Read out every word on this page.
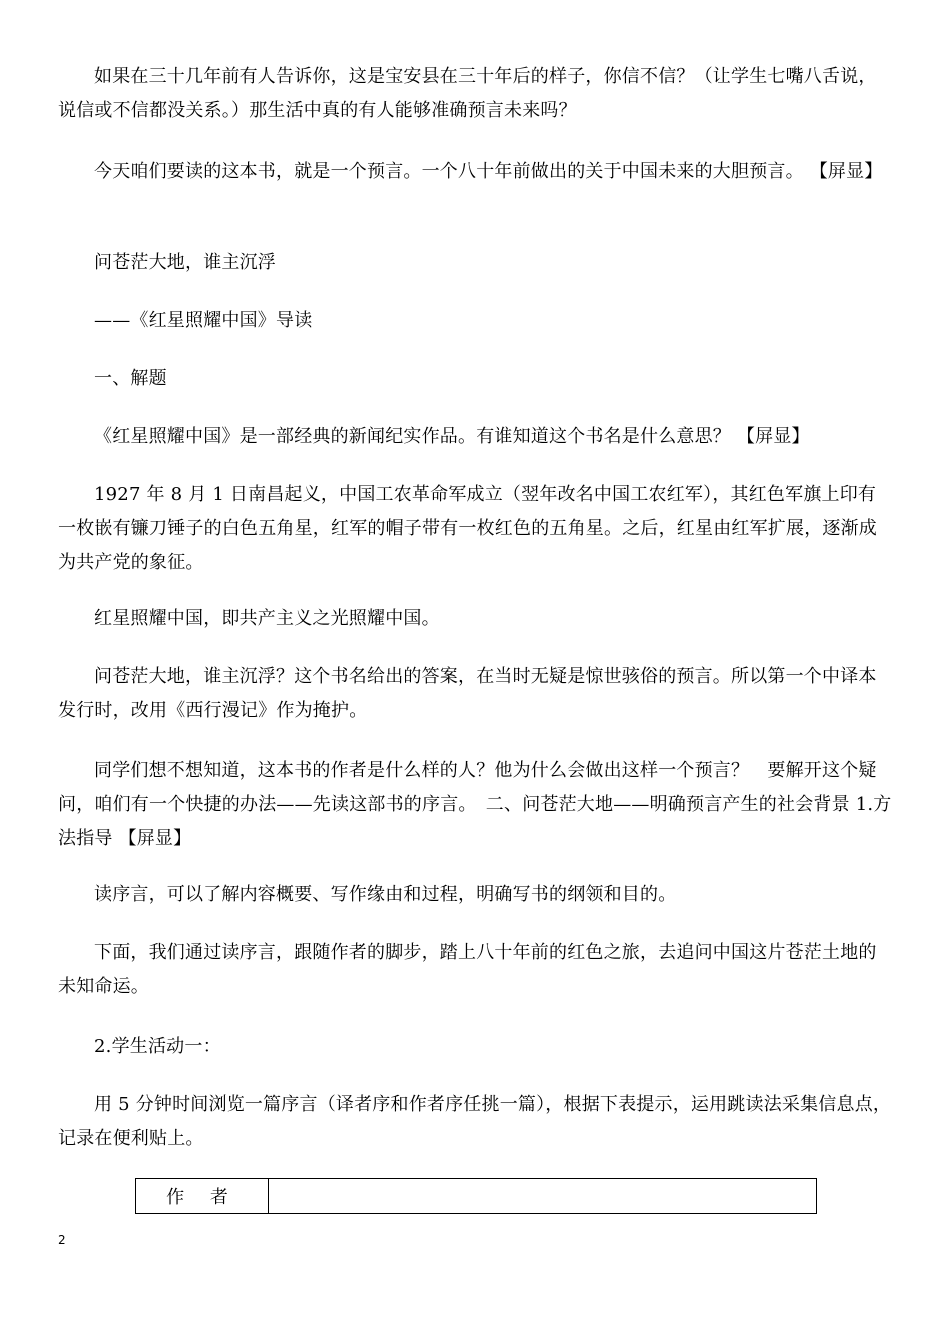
如果在三十几年前有人告诉你，这是宝安县在三十年后的样子，你信不信？（让学生七嘴八舌说，说信或不信都没关系。）那生活中真的有人能够准确预言未来吗？

今天咱们要读的这本书，就是一个预言。一个八十年前做出的关于中国未来的大胆预言。 【屏显】

问苍茫大地，谁主沉浮

——《红星照耀中国》导读

一、解题

《红星照耀中国》是一部经典的新闻纪实作品。有谁知道这个书名是什么意思？ 【屏显】

1927 年 8 月 1 日南昌起义，中国工农革命军成立（翌年改名中国工农红军），其红色军旗上印有一枚嵌有镰刀锤子的白色五角星，红军的帽子带有一枚红色的五角星。之后，红星由红军扩展，逐渐成为共产党的象征。

红星照耀中国，即共产主义之光照耀中国。

问苍茫大地，谁主沉浮？这个书名给出的答案，在当时无疑是惊世骇俗的预言。所以第一个中译本发行时，改用《西行漫记》作为掩护。

同学们想不想知道，这本书的作者是什么样的人？他为什么会做出这样一个预言？　要解开这个疑问，咱们有一个快捷的办法——先读这部书的序言。　二、问苍茫大地——明确预言产生的社会背景 1.方法指导 【屏显】

读序言，可以了解内容概要、写作缘由和过程，明确写书的纲领和目的。

下面，我们通过读序言，跟随作者的脚步，踏上八十年前的红色之旅，去追问中国这片苍茫土地的未知命运。

2.学生活动一：

用 5 分钟时间浏览一篇序言（译者序和作者序任挑一篇），根据下表提示，运用跳读法采集信息点，记录在便利贴上。

作 者	
2
